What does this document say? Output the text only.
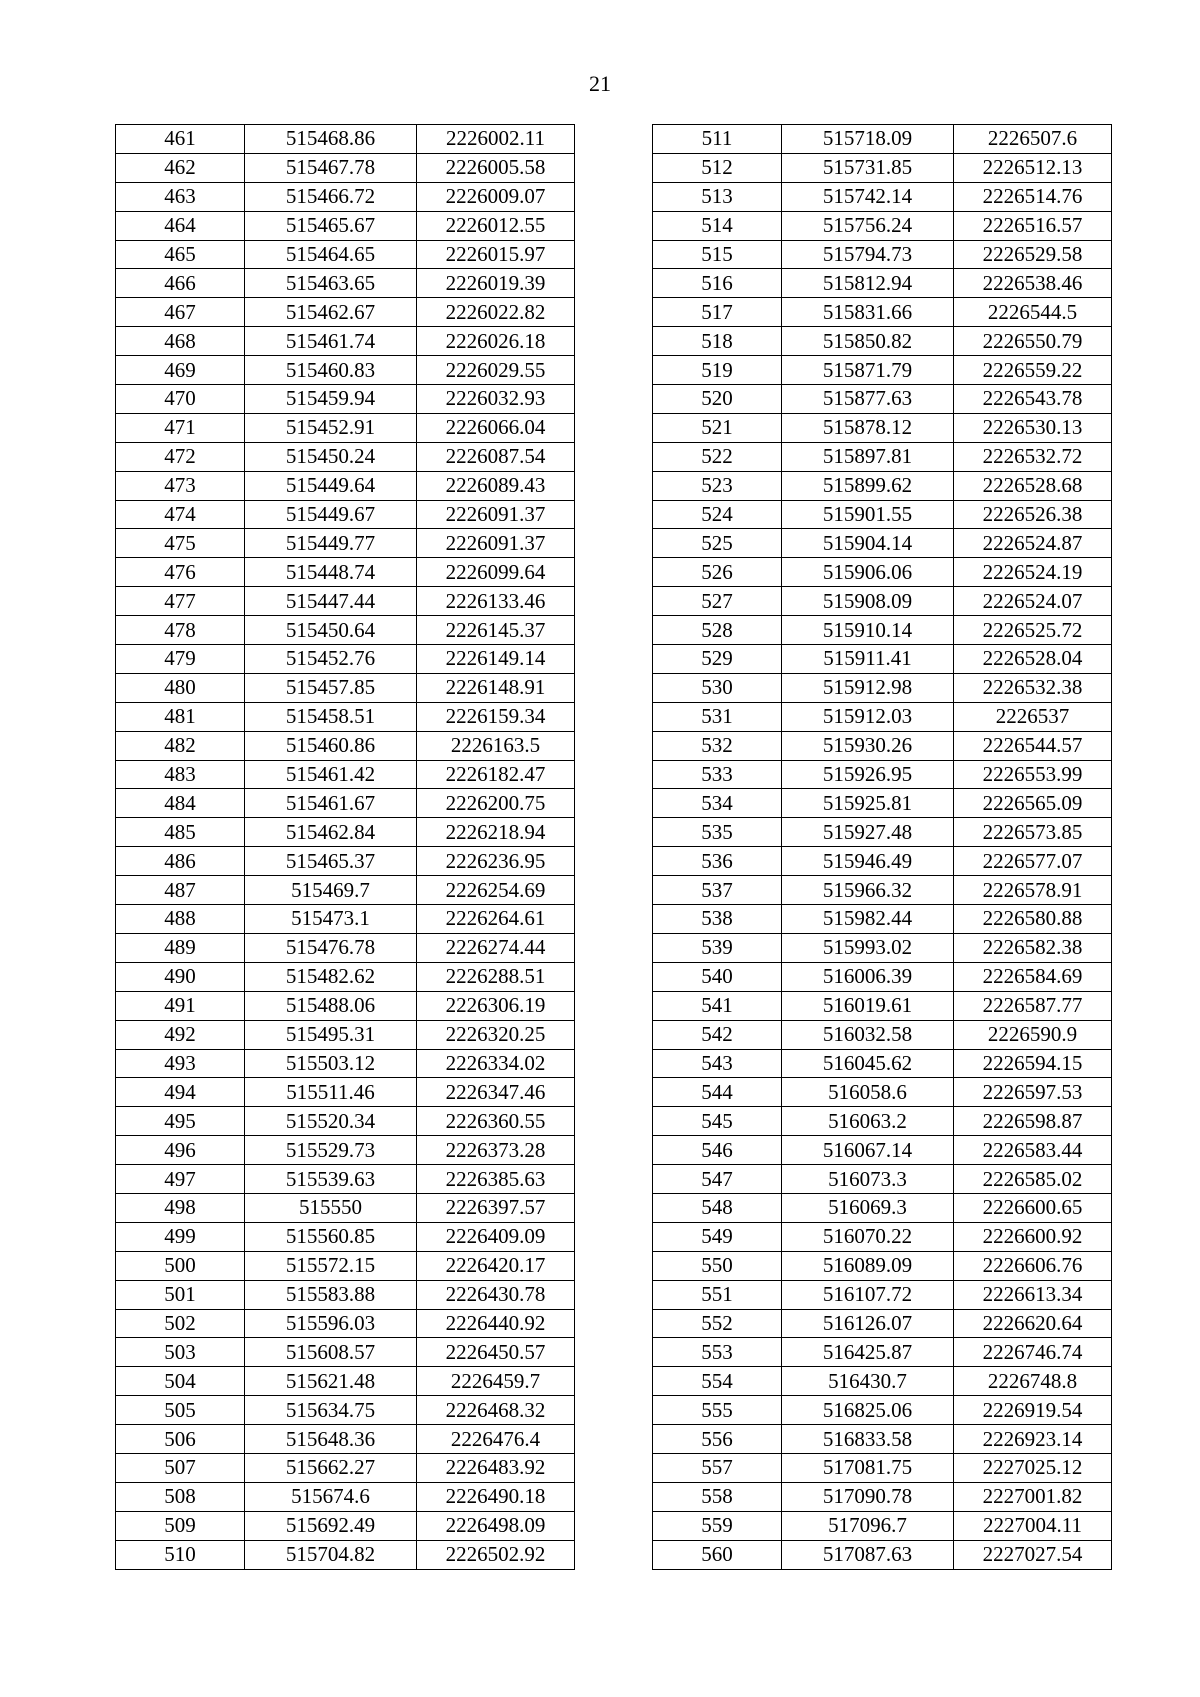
21
461	515468.86	2226002.11
462	515467.78	2226005.58
463	515466.72	2226009.07
464	515465.67	2226012.55
465	515464.65	2226015.97
466	515463.65	2226019.39
467	515462.67	2226022.82
468	515461.74	2226026.18
469	515460.83	2226029.55
470	515459.94	2226032.93
471	515452.91	2226066.04
472	515450.24	2226087.54
473	515449.64	2226089.43
474	515449.67	2226091.37
475	515449.77	2226091.37
476	515448.74	2226099.64
477	515447.44	2226133.46
478	515450.64	2226145.37
479	515452.76	2226149.14
480	515457.85	2226148.91
481	515458.51	2226159.34
482	515460.86	2226163.5
483	515461.42	2226182.47
484	515461.67	2226200.75
485	515462.84	2226218.94
486	515465.37	2226236.95
487	515469.7	2226254.69
488	515473.1	2226264.61
489	515476.78	2226274.44
490	515482.62	2226288.51
491	515488.06	2226306.19
492	515495.31	2226320.25
493	515503.12	2226334.02
494	515511.46	2226347.46
495	515520.34	2226360.55
496	515529.73	2226373.28
497	515539.63	2226385.63
498	515550	2226397.57
499	515560.85	2226409.09
500	515572.15	2226420.17
501	515583.88	2226430.78
502	515596.03	2226440.92
503	515608.57	2226450.57
504	515621.48	2226459.7
505	515634.75	2226468.32
506	515648.36	2226476.4
507	515662.27	2226483.92
508	515674.6	2226490.18
509	515692.49	2226498.09
510	515704.82	2226502.92
511	515718.09	2226507.6
512	515731.85	2226512.13
513	515742.14	2226514.76
514	515756.24	2226516.57
515	515794.73	2226529.58
516	515812.94	2226538.46
517	515831.66	2226544.5
518	515850.82	2226550.79
519	515871.79	2226559.22
520	515877.63	2226543.78
521	515878.12	2226530.13
522	515897.81	2226532.72
523	515899.62	2226528.68
524	515901.55	2226526.38
525	515904.14	2226524.87
526	515906.06	2226524.19
527	515908.09	2226524.07
528	515910.14	2226525.72
529	515911.41	2226528.04
530	515912.98	2226532.38
531	515912.03	2226537
532	515930.26	2226544.57
533	515926.95	2226553.99
534	515925.81	2226565.09
535	515927.48	2226573.85
536	515946.49	2226577.07
537	515966.32	2226578.91
538	515982.44	2226580.88
539	515993.02	2226582.38
540	516006.39	2226584.69
541	516019.61	2226587.77
542	516032.58	2226590.9
543	516045.62	2226594.15
544	516058.6	2226597.53
545	516063.2	2226598.87
546	516067.14	2226583.44
547	516073.3	2226585.02
548	516069.3	2226600.65
549	516070.22	2226600.92
550	516089.09	2226606.76
551	516107.72	2226613.34
552	516126.07	2226620.64
553	516425.87	2226746.74
554	516430.7	2226748.8
555	516825.06	2226919.54
556	516833.58	2226923.14
557	517081.75	2227025.12
558	517090.78	2227001.82
559	517096.7	2227004.11
560	517087.63	2227027.54
